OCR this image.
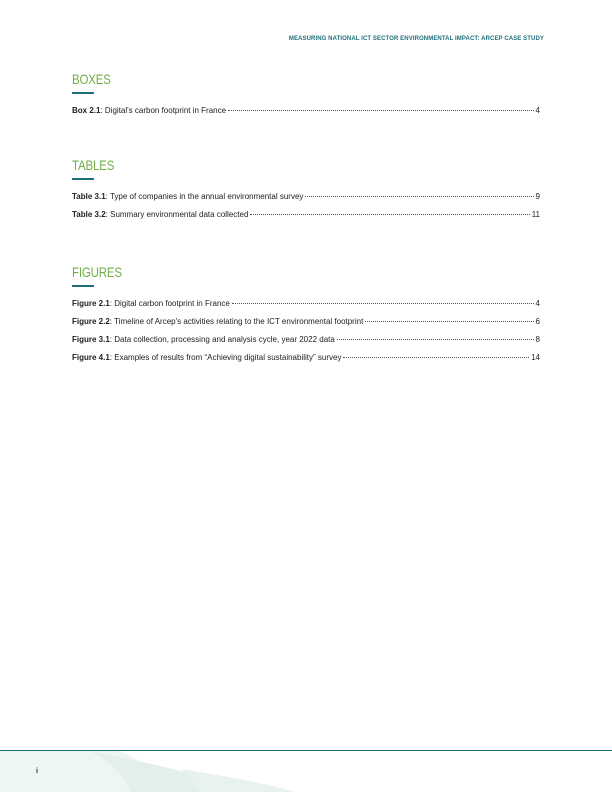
MEASURING NATIONAL ICT SECTOR ENVIRONMENTAL IMPACT: ARCEP CASE STUDY
BOXES
Box 2.1 : Digital's carbon footprint in France	4
TABLES
Table 3.1 : Type of companies in the annual environmental survey	9
Table 3.2 : Summary environmental data collected	11
FIGURES
Figure 2.1 : Digital carbon footprint in France	4
Figure 2.2 : Timeline of Arcep's activities relating to the ICT environmental footprint	6
Figure 3.1 : Data collection, processing and analysis cycle, year 2022 data	8
Figure 4.1 : Examples of results from “Achieving digital sustainability” survey	14
i
